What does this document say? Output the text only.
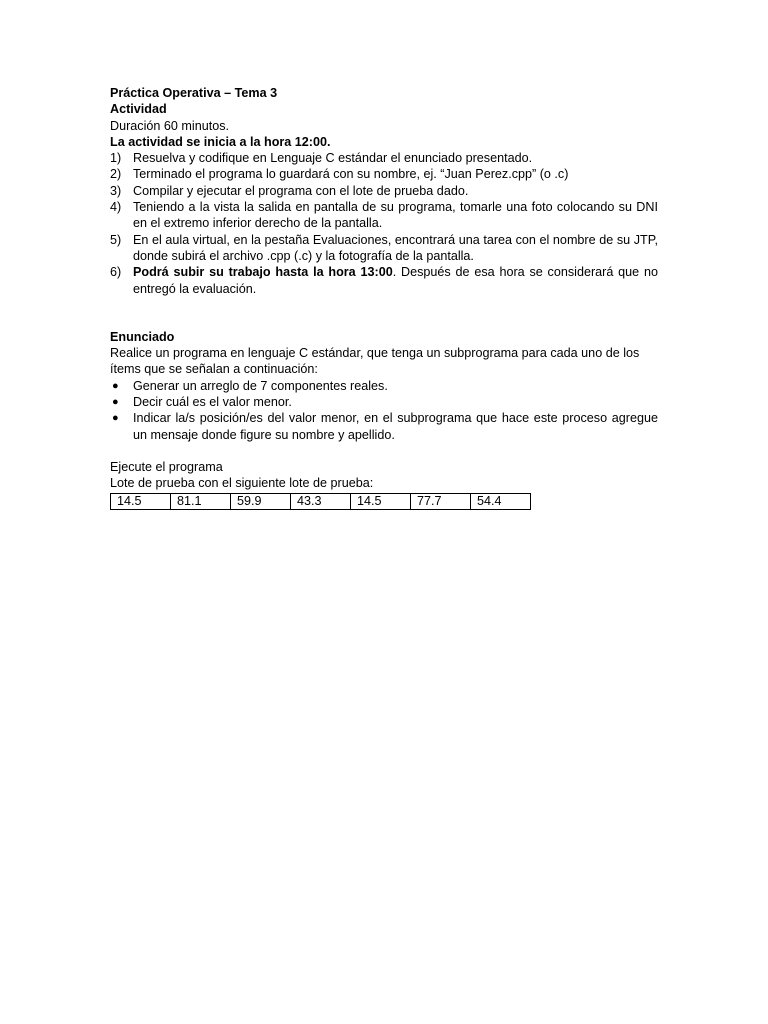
Práctica Operativa – Tema 3

Actividad

Duración 60 minutos.

La actividad se inicia a la hora 12:00.

1) Resuelva y codifique en Lenguaje C estándar el enunciado presentado.
2) Terminado el programa lo guardará con su nombre, ej. “Juan Perez.cpp” (o .c)
3) Compilar y ejecutar el programa con el lote de prueba dado.
4) Teniendo a la vista la salida en pantalla de su programa, tomarle una foto colocando su DNI en el extremo inferior derecho de la pantalla.
5) En el aula virtual, en la pestaña Evaluaciones, encontrará una tarea con el nombre de su JTP, donde subirá el archivo .cpp (.c) y la fotografía de la pantalla.
6) Podrá subir su trabajo hasta la hora 13:00. Después de esa hora se considerará que no entregó la evaluación.

Enunciado

Realice un programa en lenguaje C estándar, que tenga un subprograma para cada uno de los ítems que se señalan a continuación:

● Generar un arreglo de 7 componentes reales.
● Decir cuál es el valor menor.
● Indicar la/s posición/es del valor menor, en el subprograma que hace este proceso agregue un mensaje donde figure su nombre y apellido.

Ejecute el programa

Lote de prueba con el siguiente lote de prueba:

14.5	81.1	59.9	43.3	14.5	77.7	54.4
